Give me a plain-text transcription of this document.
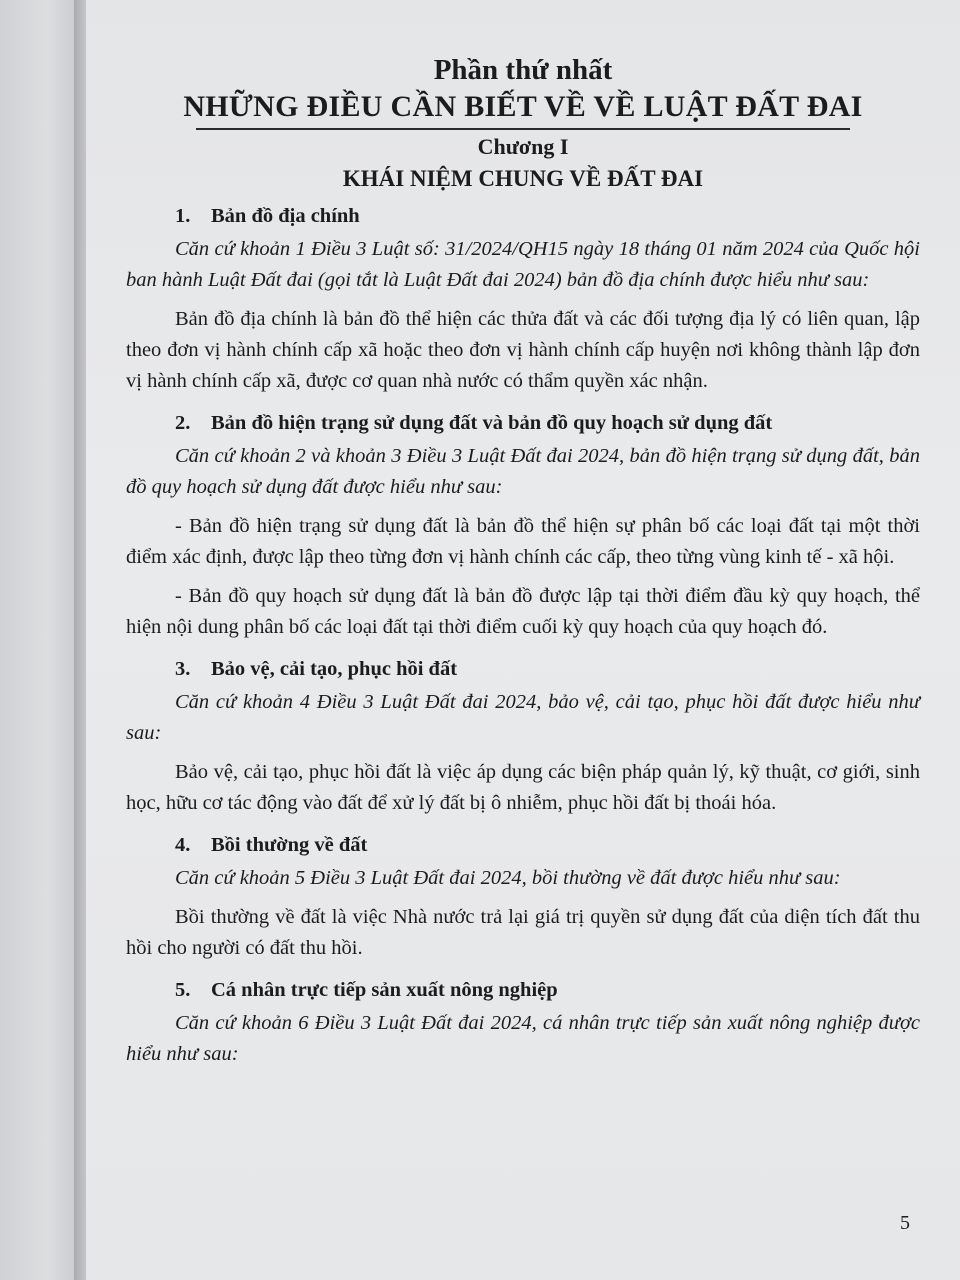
Phần thứ nhất
NHỮNG ĐIỀU CẦN BIẾT VỀ VỀ LUẬT ĐẤT ĐAI
Chương I
KHÁI NIỆM CHUNG VỀ ĐẤT ĐAI

1. Bản đồ địa chính

Căn cứ khoản 1 Điều 3 Luật số: 31/2024/QH15 ngày 18 tháng 01 năm 2024 của Quốc hội ban hành Luật Đất đai (gọi tắt là Luật Đất đai 2024) bản đồ địa chính được hiểu như sau:

Bản đồ địa chính là bản đồ thể hiện các thửa đất và các đối tượng địa lý có liên quan, lập theo đơn vị hành chính cấp xã hoặc theo đơn vị hành chính cấp huyện nơi không thành lập đơn vị hành chính cấp xã, được cơ quan nhà nước có thẩm quyền xác nhận.

2. Bản đồ hiện trạng sử dụng đất và bản đồ quy hoạch sử dụng đất

Căn cứ khoản 2 và khoản 3 Điều 3 Luật Đất đai 2024, bản đồ hiện trạng sử dụng đất, bản đồ quy hoạch sử dụng đất được hiểu như sau:

- Bản đồ hiện trạng sử dụng đất là bản đồ thể hiện sự phân bố các loại đất tại một thời điểm xác định, được lập theo từng đơn vị hành chính các cấp, theo từng vùng kinh tế - xã hội.

- Bản đồ quy hoạch sử dụng đất là bản đồ được lập tại thời điểm đầu kỳ quy hoạch, thể hiện nội dung phân bố các loại đất tại thời điểm cuối kỳ quy hoạch của quy hoạch đó.

3. Bảo vệ, cải tạo, phục hồi đất

Căn cứ khoản 4 Điều 3 Luật Đất đai 2024, bảo vệ, cải tạo, phục hồi đất được hiểu như sau:

Bảo vệ, cải tạo, phục hồi đất là việc áp dụng các biện pháp quản lý, kỹ thuật, cơ giới, sinh học, hữu cơ tác động vào đất để xử lý đất bị ô nhiễm, phục hồi đất bị thoái hóa.

4. Bồi thường về đất

Căn cứ khoản 5 Điều 3 Luật Đất đai 2024, bồi thường về đất được hiểu như sau:

Bồi thường về đất là việc Nhà nước trả lại giá trị quyền sử dụng đất của diện tích đất thu hồi cho người có đất thu hồi.

5. Cá nhân trực tiếp sản xuất nông nghiệp

Căn cứ khoản 6 Điều 3 Luật Đất đai 2024, cá nhân trực tiếp sản xuất nông nghiệp được hiểu như sau:

5
